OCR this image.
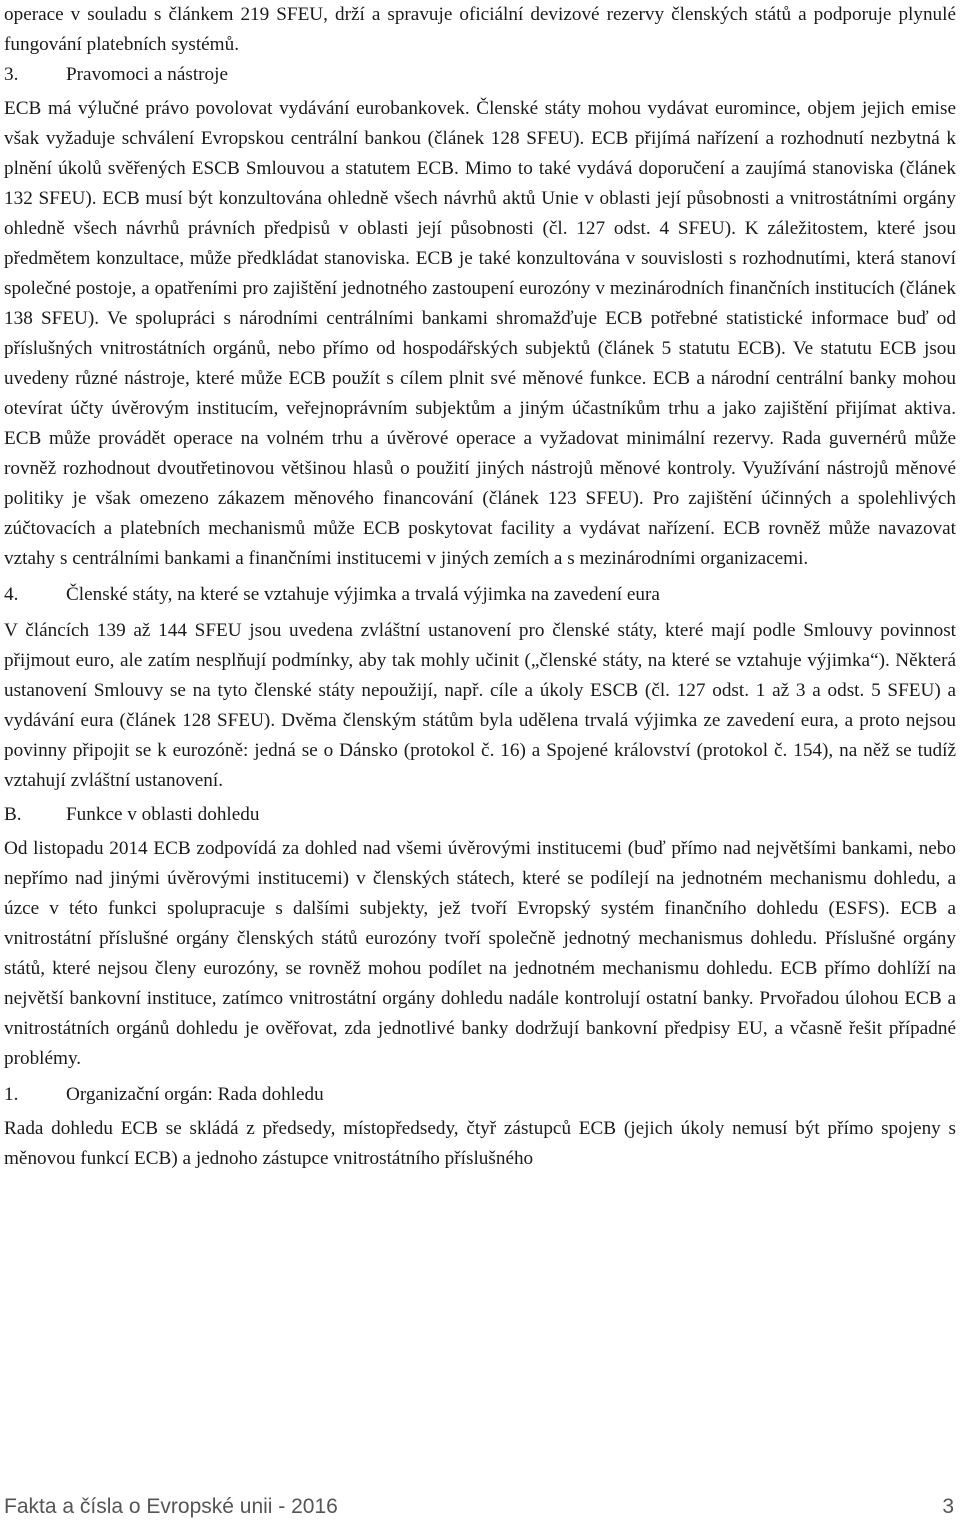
operace v souladu s článkem 219 SFEU, drží a spravuje oficiální devizové rezervy členských států a podporuje plynulé fungování platebních systémů.

3.	Pravomoci a nástroje

ECB má výlučné právo povolovat vydávání eurobankovek. Členské státy mohou vydávat euromince, objem jejich emise však vyžaduje schválení Evropskou centrální bankou (článek 128 SFEU). ECB přijímá nařízení a rozhodnutí nezbytná k plnění úkolů svěřených ESCB Smlouvou a statutem ECB. Mimo to také vydává doporučení a zaujímá stanoviska (článek 132 SFEU). ECB musí být konzultována ohledně všech návrhů aktů Unie v oblasti její působnosti a vnitrostátními orgány ohledně všech návrhů právních předpisů v oblasti její působnosti (čl. 127 odst. 4 SFEU). K záležitostem, které jsou předmětem konzultace, může předkládat stanoviska. ECB je také konzultována v souvislosti s rozhodnutími, která stanoví společné postoje, a opatřeními pro zajištění jednotného zastoupení eurozóny v mezinárodních finančních institucích (článek 138 SFEU). Ve spolupráci s národními centrálními bankami shromažďuje ECB potřebné statistické informace buď od příslušných vnitrostátních orgánů, nebo přímo od hospodářských subjektů (článek 5 statutu ECB). Ve statutu ECB jsou uvedeny různé nástroje, které může ECB použít s cílem plnit své měnové funkce. ECB a národní centrální banky mohou otevírat účty úvěrovým institucím, veřejnoprávním subjektům a jiným účastníkům trhu a jako zajištění přijímat aktiva. ECB může provádět operace na volném trhu a úvěrové operace a vyžadovat minimální rezervy. Rada guvernérů může rovněž rozhodnout dvoutřetinovou většinou hlasů o použití jiných nástrojů měnové kontroly. Využívání nástrojů měnové politiky je však omezeno zákazem měnového financování (článek 123 SFEU). Pro zajištění účinných a spolehlivých zúčtovacích a platebních mechanismů může ECB poskytovat facility a vydávat nařízení. ECB rovněž může navazovat vztahy s centrálními bankami a finančními institucemi v jiných zemích a s mezinárodními organizacemi.

4.	Členské státy, na které se vztahuje výjimka a trvalá výjimka na zavedení eura

V článcích 139 až 144 SFEU jsou uvedena zvláštní ustanovení pro členské státy, které mají podle Smlouvy povinnost přijmout euro, ale zatím nesplňují podmínky, aby tak mohly učinit („členské státy, na které se vztahuje výjimka“). Některá ustanovení Smlouvy se na tyto členské státy nepoužijí, např. cíle a úkoly ESCB (čl. 127 odst. 1 až 3 a odst. 5 SFEU) a vydávání eura (článek 128 SFEU). Dvěma členským státům byla udělena trvalá výjimka ze zavedení eura, a proto nejsou povinny připojit se k eurozóně: jedná se o Dánsko (protokol č. 16) a Spojené království (protokol č. 154), na něž se tudíž vztahují zvláštní ustanovení.

B.	Funkce v oblasti dohledu

Od listopadu 2014 ECB zodpovídá za dohled nad všemi úvěrovými institucemi (buď přímo nad největšími bankami, nebo nepřímo nad jinými úvěrovými institucemi) v členských státech, které se podílejí na jednotném mechanismu dohledu, a úzce v této funkci spolupracuje s dalšími subjekty, jež tvoří Evropský systém finančního dohledu (ESFS). ECB a vnitrostátní příslušné orgány členských států eurozóny tvoří společně jednotný mechanismus dohledu. Příslušné orgány států, které nejsou členy eurozóny, se rovněž mohou podílet na jednotném mechanismu dohledu. ECB přímo dohlíží na největší bankovní instituce, zatímco vnitrostátní orgány dohledu nadále kontrolují ostatní banky. Prvořadou úlohou ECB a vnitrostátních orgánů dohledu je ověřovat, zda jednotlivé banky dodržují bankovní předpisy EU, a včasně řešit případné problémy.

1.	Organizační orgán: Rada dohledu

Rada dohledu ECB se skládá z předsedy, místopředsedy, čtyř zástupců ECB (jejich úkoly nemusí být přímo spojeny s měnovou funkcí ECB) a jednoho zástupce vnitrostátního příslušného

Fakta a čísla o Evropské unii - 2016	3
